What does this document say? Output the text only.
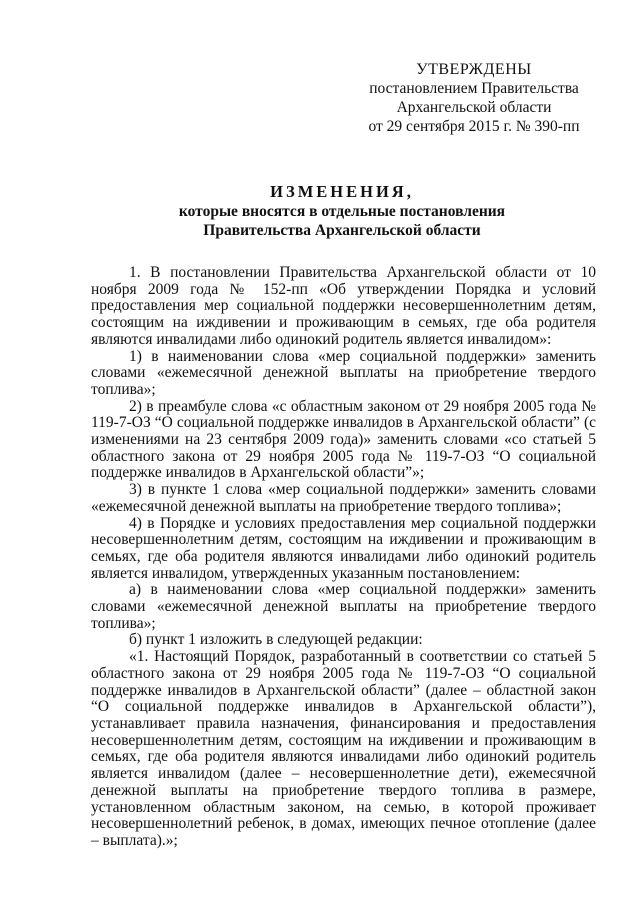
УТВЕРЖДЕНЫ
постановлением Правительства
Архангельской области
от 29 сентября 2015 г. № 390-пп
ИЗМЕНЕНИЯ,
которые вносятся в отдельные постановления
Правительства Архангельской области

1. В постановлении Правительства Архангельской области от 10 ноября 2009 года № 152-пп «Об утверждении Порядка и условий предоставления мер социальной поддержки несовершеннолетним детям, состоящим на иждивении и проживающим в семьях, где оба родителя являются инвалидами либо одинокий родитель является инвалидом»:

1) в наименовании слова «мер социальной поддержки» заменить словами «ежемесячной денежной выплаты на приобретение твердого топлива»;

2) в преамбуле слова «с областным законом от 29 ноября 2005 года № 119-7-ОЗ “О социальной поддержке инвалидов в Архангельской области” (с изменениями на 23 сентября 2009 года)» заменить словами «со статьей 5 областного закона от 29 ноября 2005 года № 119-7-ОЗ “О социальной поддержке инвалидов в Архангельской области”»;

3) в пункте 1 слова «мер социальной поддержки» заменить словами «ежемесячной денежной выплаты на приобретение твердого топлива»;

4) в Порядке и условиях предоставления мер социальной поддержки несовершеннолетним детям, состоящим на иждивении и проживающим в семьях, где оба родителя являются инвалидами либо одинокий родитель является инвалидом, утвержденных указанным постановлением:

а) в наименовании слова «мер социальной поддержки» заменить словами «ежемесячной денежной выплаты на приобретение твердого топлива»;

б) пункт 1 изложить в следующей редакции:

«1. Настоящий Порядок, разработанный в соответствии со статьей 5 областного закона от 29 ноября 2005 года № 119-7-ОЗ “О социальной поддержке инвалидов в Архангельской области” (далее – областной закон “О социальной поддержке инвалидов в Архангельской области”), устанавливает правила назначения, финансирования и предоставления несовершеннолетним детям, состоящим на иждивении и проживающим в семьях, где оба родителя являются инвалидами либо одинокий родитель является инвалидом (далее – несовершеннолетние дети), ежемесячной денежной выплаты на приобретение твердого топлива в размере, установленном областным законом, на семью, в которой проживает несовершеннолетний ребенок, в домах, имеющих печное отопление (далее – выплата).»;
